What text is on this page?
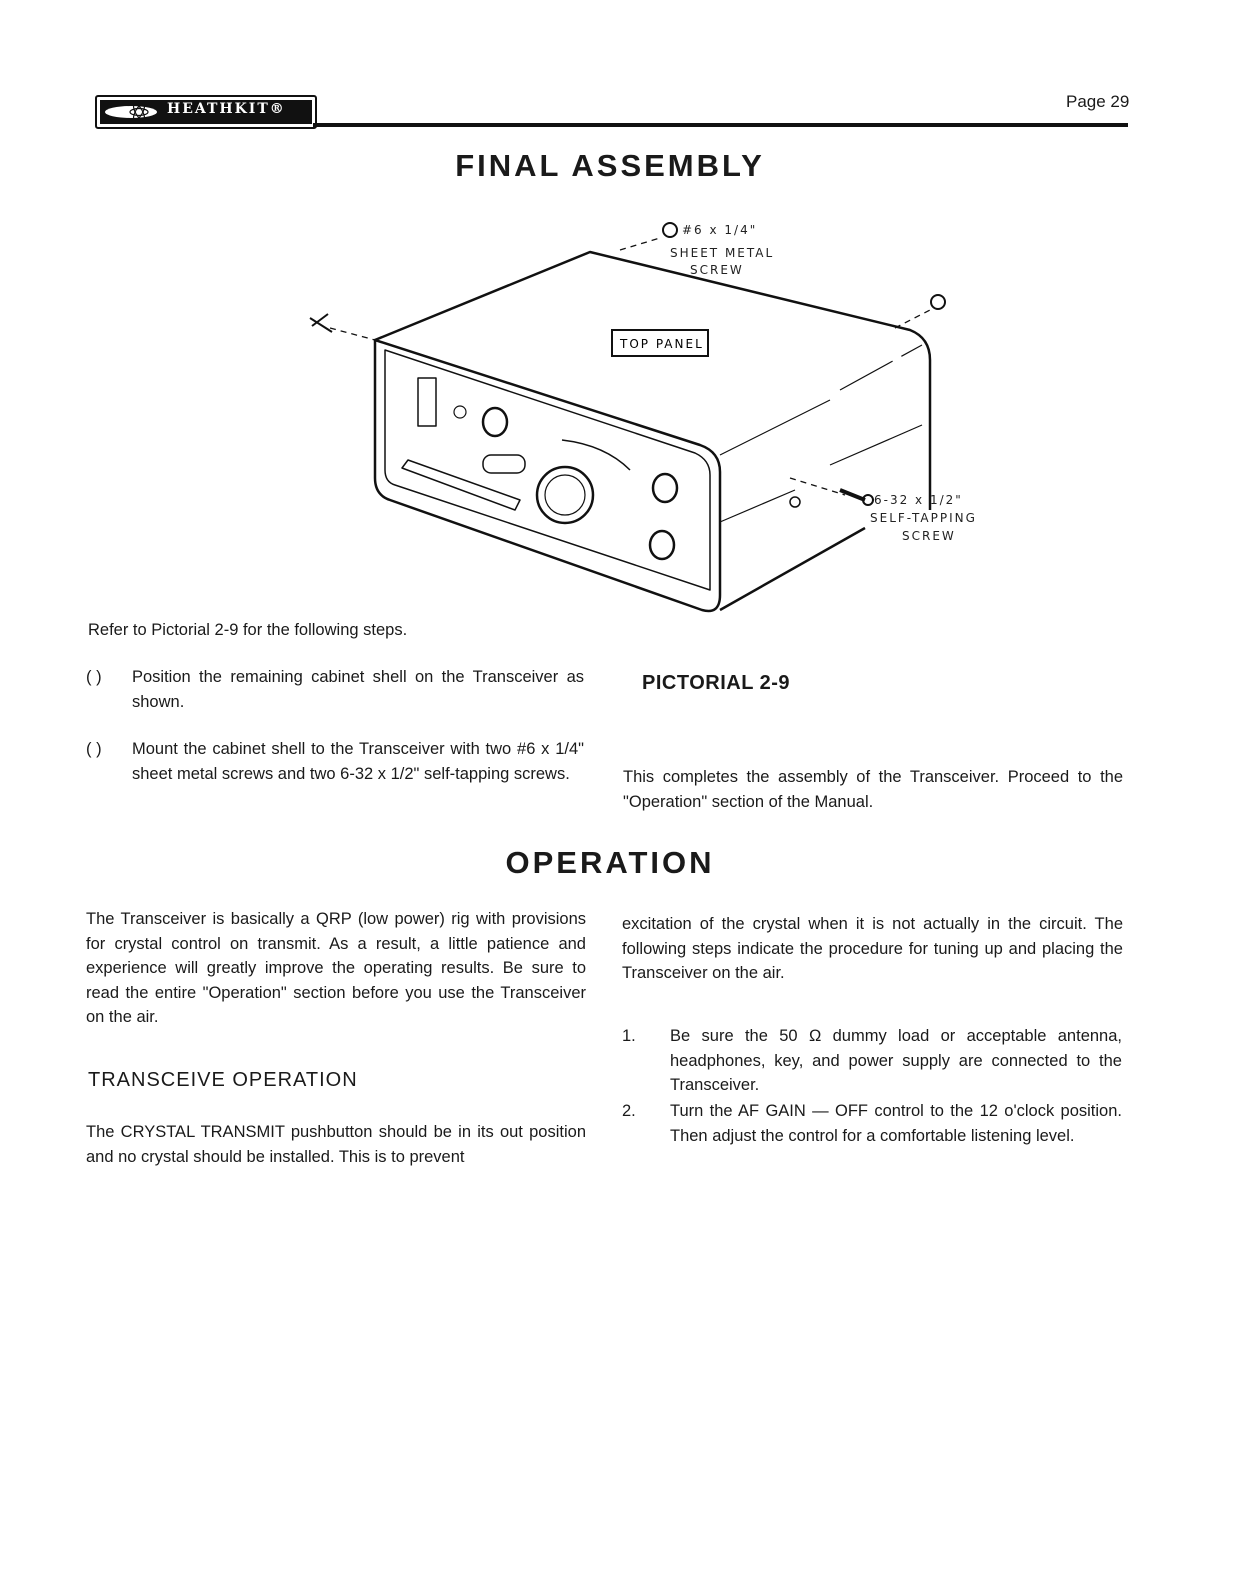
HEATHKIT®	Page 29
FINAL ASSEMBLY
#6 x 1/4"
SHEET METAL
SCREW
6-32 x 1/2"
SELF-TAPPING
SCREW
TOP PANEL
Refer to Pictorial 2-9 for the following steps.
( ) Position the remaining cabinet shell on the Transceiver as shown.
( ) Mount the cabinet shell to the Transceiver with two #6 x 1/4" sheet metal screws and two 6-32 x 1/2" self-tapping screws.
PICTORIAL 2-9
This completes the assembly of the Transceiver. Proceed to the "Operation" section of the Manual.
OPERATION
The Transceiver is basically a QRP (low power) rig with provisions for crystal control on transmit. As a result, a little patience and experience will greatly improve the operating results. Be sure to read the entire "Operation" section before you use the Transceiver on the air.
TRANSCEIVE OPERATION
The CRYSTAL TRANSMIT pushbutton should be in its out position and no crystal should be installed. This is to prevent
excitation of the crystal when it is not actually in the circuit. The following steps indicate the procedure for tuning up and placing the Transceiver on the air.
1. Be sure the 50 Ω dummy load or acceptable antenna, headphones, key, and power supply are connected to the Transceiver.
2. Turn the AF GAIN — OFF control to the 12 o'clock position. Then adjust the control for a comfortable listening level.
